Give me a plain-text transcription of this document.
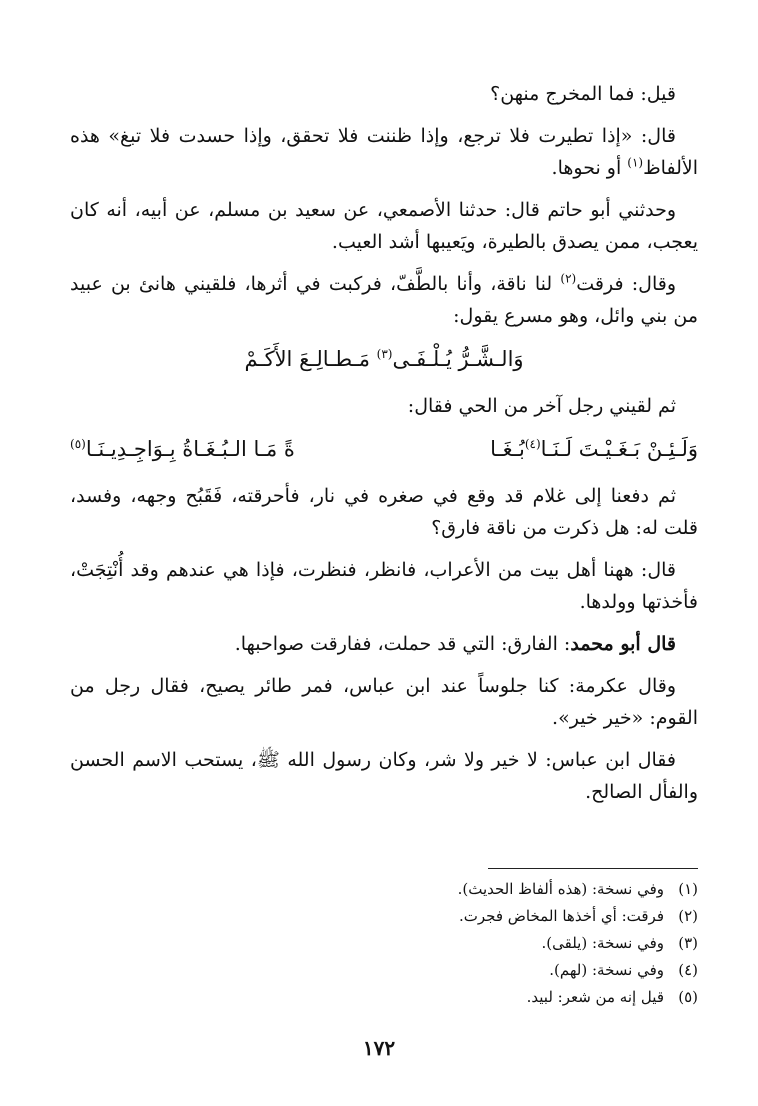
قيل: فما المخرج منهن؟

قال: «إذا تطيرت فلا ترجع، وإذا ظننت فلا تحقق، وإذا حسدت فلا تبغ» هذه الألفاظ$^{(١)}$ أو نحوها.

وحدثني أبو حاتم قال: حدثنا الأصمعي، عن سعيد بن مسلم، عن أبيه، أنه كان يعجب، ممن يصدق بالطيرة، ويَعيبها أشد العيب.

وقال: فرقت$^{(٢)}$ لنا ناقة، وأنا بالطَّفّ، فركبت في أثرها، فلقيني هانئ بن عبيد من بني وائل، وهو مسرع يقول:

وَالـشَّـرُّ يُـلْـفَـى$^{(٣)}$ مَـطـالِـعَ الأَكَـمْ

ثم لقيني رجل آخر من الحي فقال:

وَلَـئِـنْ بَـغَـيْـتَ لَـنَـا$^{(٤)}$بُـغَـا
ةً مَـا الـبُـغَـاةُ بِـوَاجِـدِيـنَـا$^{(٥)}$

ثم دفعنا إلى غلام قد وقع في صغره في نار، فأحرقته، فَقَبُح وجهه، وفسد، قلت له: هل ذكرت من ناقة فارق؟

قال: ههنا أهل بيت من الأعراب، فانظر، فنظرت، فإذا هي عندهم وقد أُنْتِجَتْ، فأخذتها وولدها.

قال أبو محمد: الفارق: التي قد حملت، ففارقت صواحبها.

وقال عكرمة: كنا جلوساً عند ابن عباس، فمر طائر يصيح، فقال رجل من القوم: «خير خير».

فقال ابن عباس: لا خير ولا شر، وكان رسول الله ﷺ، يستحب الاسم الحسن والفأل الصالح.

(١)وفي نسخة: (هذه ألفاظ الحديث).
(٢)فرقت: أي أخذها المخاض فجرت.
(٣)وفي نسخة: (يلقى).
(٤)وفي نسخة: (لهم).
(٥)قيل إنه من شعر: لبيد.
١٧٢
